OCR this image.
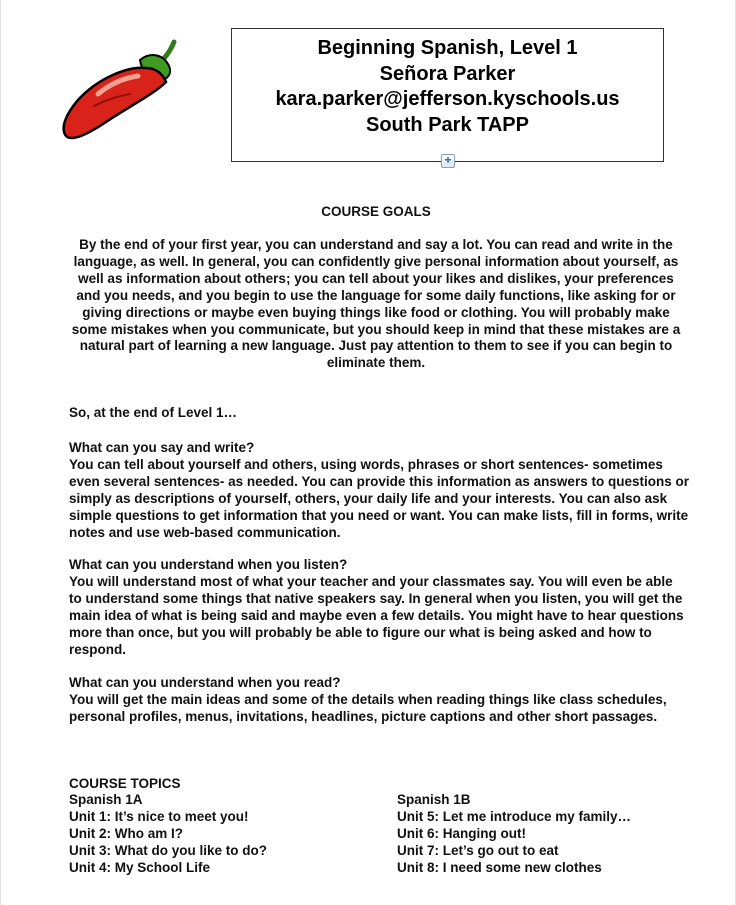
Beginning Spanish, Level 1
Señora Parker
kara.parker@jefferson.kyschools.us
South Park TAPP
+
COURSE GOALS
By the end of your first year, you can understand and say a lot. You can read and write in the language, as well. In general, you can confidently give personal information about yourself, as well as information about others; you can tell about your likes and dislikes, your preferences and you needs, and you begin to use the language for some daily functions, like asking for or giving directions or maybe even buying things like food or clothing. You will probably make some mistakes when you communicate, but you should keep in mind that these mistakes are a natural part of learning a new language. Just pay attention to them to see if you can begin to eliminate them.
So, at the end of Level 1…
What can you say and write?
You can tell about yourself and others, using words, phrases or short sentences- sometimes even several sentences- as needed. You can provide this information as answers to questions or simply as descriptions of yourself, others, your daily life and your interests. You can also ask simple questions to get information that you need or want. You can make lists, fill in forms, write notes and use web-based communication.
What can you understand when you listen?
You will understand most of what your teacher and your classmates say. You will even be able to understand some things that native speakers say. In general when you listen, you will get the main idea of what is being said and maybe even a few details. You might have to hear questions more than once, but you will probably be able to figure our what is being asked and how to respond.
What can you understand when you read?
You will get the main ideas and some of the details when reading things like class schedules, personal profiles, menus, invitations, headlines, picture captions and other short passages.
COURSE TOPICS
Spanish 1A
Unit 1: It’s nice to meet you!
Unit 2: Who am I?
Unit 3: What do you like to do?
Unit 4: My School Life
Spanish 1B
Unit 5: Let me introduce my family…
Unit 6: Hanging out!
Unit 7: Let’s go out to eat
Unit 8: I need some new clothes
